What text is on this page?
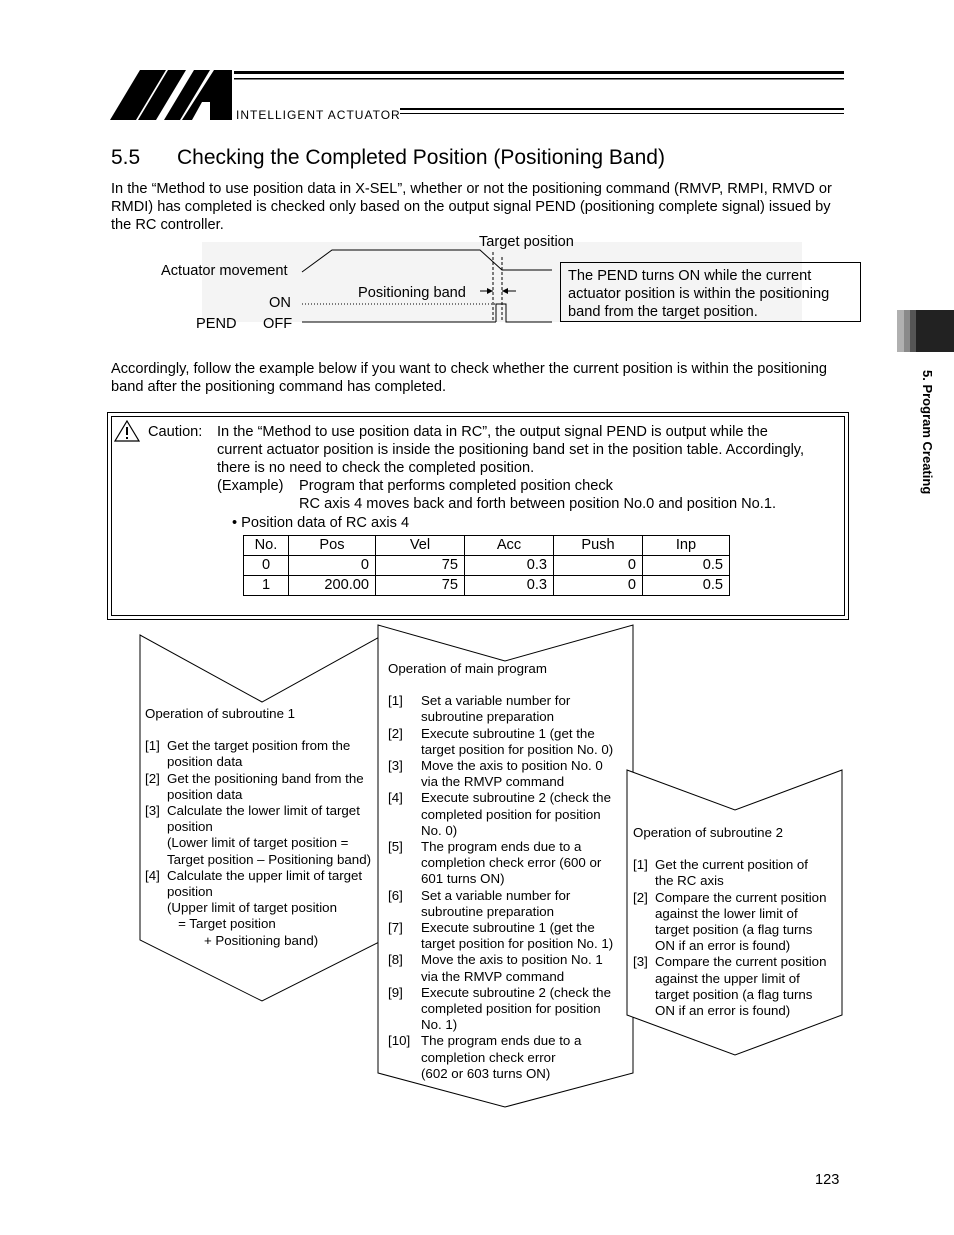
INTELLIGENT ACTUATOR
5.5 Checking the Completed Position (Positioning Band)
In the “Method to use position data in X-SEL”, whether or not the positioning command (RMVP, RMPI, RMVD or RMDI) has completed is checked only based on the output signal PEND (positioning complete signal) issued by the RC controller.
Target position
Actuator movement
Positioning band
ON
PEND OFF
The PEND turns ON while the current actuator position is within the positioning band from the target position.
Accordingly, follow the example below if you want to check whether the current position is within the positioning band after the positioning command has completed.
Caution: In the “Method to use position data in RC”, the output signal PEND is output while the current actuator position is inside the positioning band set in the position table. Accordingly, there is no need to check the completed position.
(Example) Program that performs completed position check
RC axis 4 moves back and forth between position No.0 and position No.1.
• Position data of RC axis 4
No.	Pos	Vel	Acc	Push	Inp
0	0	75	0.3	0	0.5
1	200.00	75	0.3	0	0.5
Operation of subroutine 1
[1] Get the target position from the
position data
[2] Get the positioning band from the
position data
[3] Calculate the lower limit of target
position
(Lower limit of target position =
Target position – Positioning band)
[4] Calculate the upper limit of target
position
(Upper limit of target position
= Target position
+ Positioning band)
Operation of main program
[1]	Set a variable number for
subroutine preparation
[2]	Execute subroutine 1 (get the
target position for position No. 0)
[3]	Move the axis to position No. 0
via the RMVP command
[4]	Execute subroutine 2 (check the
completed position for position
No. 0)
[5]	The program ends due to a
completion check error (600 or
601 turns ON)
[6]	Set a variable number for
subroutine preparation
[7]	Execute subroutine 1 (get the
target position for position No. 1)
[8]	Move the axis to position No. 1
via the RMVP command
[9]	Execute subroutine 2 (check the
completed position for position
No. 1)
[10] The program ends due to a
completion check error
(602 or 603 turns ON)
Operation of subroutine 2
[1] Get the current position of
the RC axis
[2] Compare the current position
against the lower limit of
target position (a flag turns
ON if an error is found)
[3] Compare the current position
against the upper limit of
target position (a flag turns
ON if an error is found)
5. Program Creating
123
